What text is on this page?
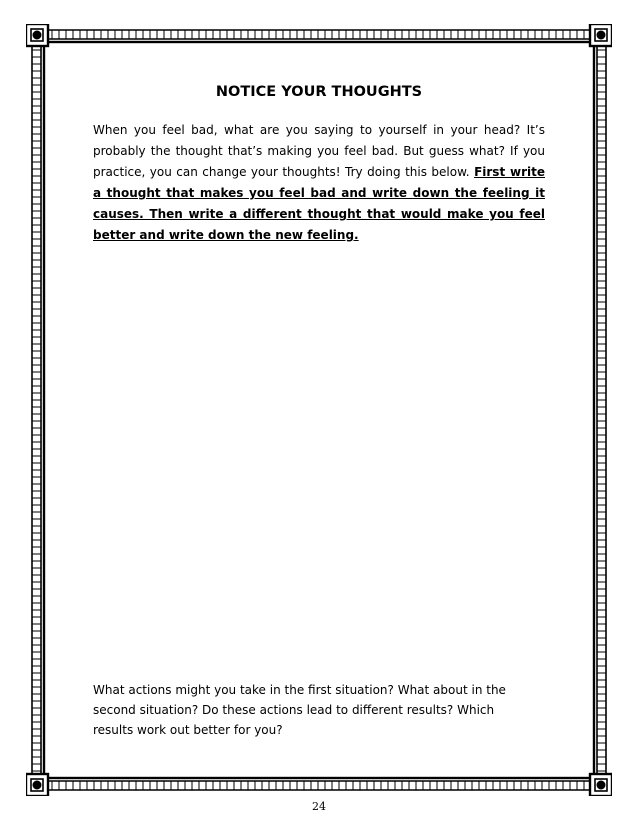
NOTICE YOUR THOUGHTS
When you feel bad, what are you saying to yourself in your head? It’s probably the thought that’s making you feel bad. But guess what? If you practice, you can change your thoughts! Try doing this below. First write a thought that makes you feel bad and write down the feeling it causes. Then write a different thought that would make you feel better and write down the new feeling.
What actions might you take in the first situation? What about in the second situation? Do these actions lead to different results? Which results work out better for you?
24
